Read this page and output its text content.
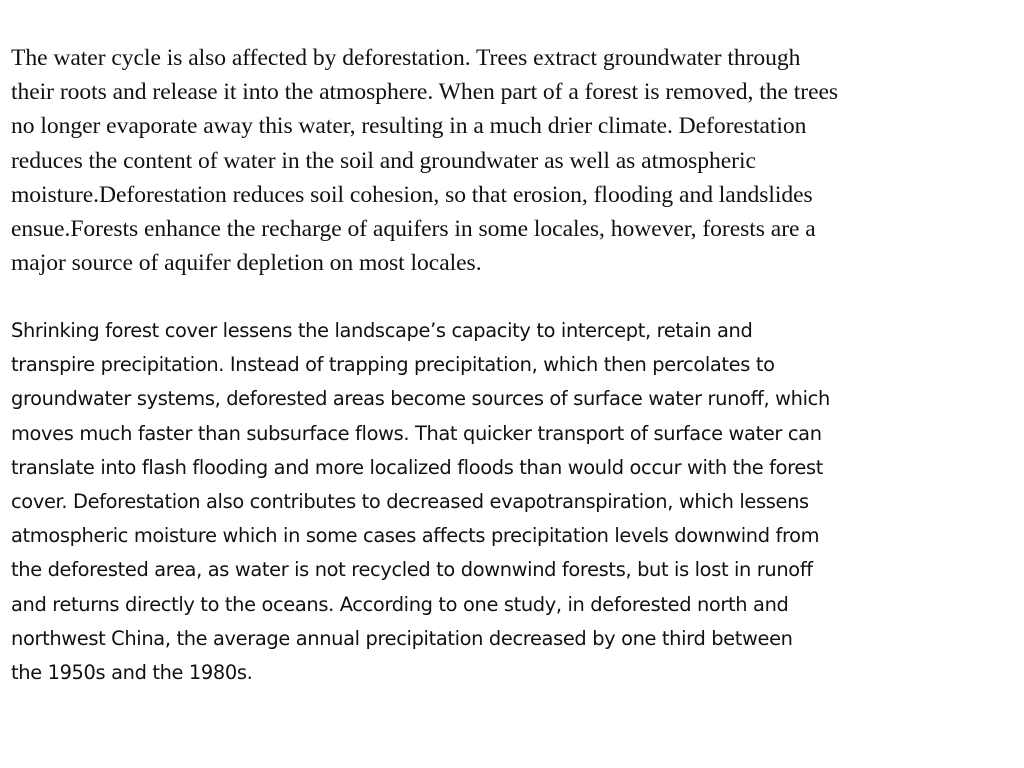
The water cycle is also affected by deforestation. Trees extract groundwater through
their roots and release it into the atmosphere. When part of a forest is removed, the trees
no longer evaporate away this water, resulting in a much drier climate. Deforestation
reduces the content of water in the soil and groundwater as well as atmospheric
moisture.Deforestation reduces soil cohesion, so that erosion, flooding and landslides
ensue.Forests enhance the recharge of aquifers in some locales, however, forests are a
major source of aquifer depletion on most locales.

Shrinking forest cover lessens the landscape’s capacity to intercept, retain and
transpire precipitation. Instead of trapping precipitation, which then percolates to
groundwater systems, deforested areas become sources of surface water runoff, which
moves much faster than subsurface flows. That quicker transport of surface water can
translate into flash flooding and more localized floods than would occur with the forest
cover. Deforestation also contributes to decreased evapotranspiration, which lessens
atmospheric moisture which in some cases affects precipitation levels downwind from
the deforested area, as water is not recycled to downwind forests, but is lost in runoff
and returns directly to the oceans. According to one study, in deforested north and
northwest China, the average annual precipitation decreased by one third between
the 1950s and the 1980s.
